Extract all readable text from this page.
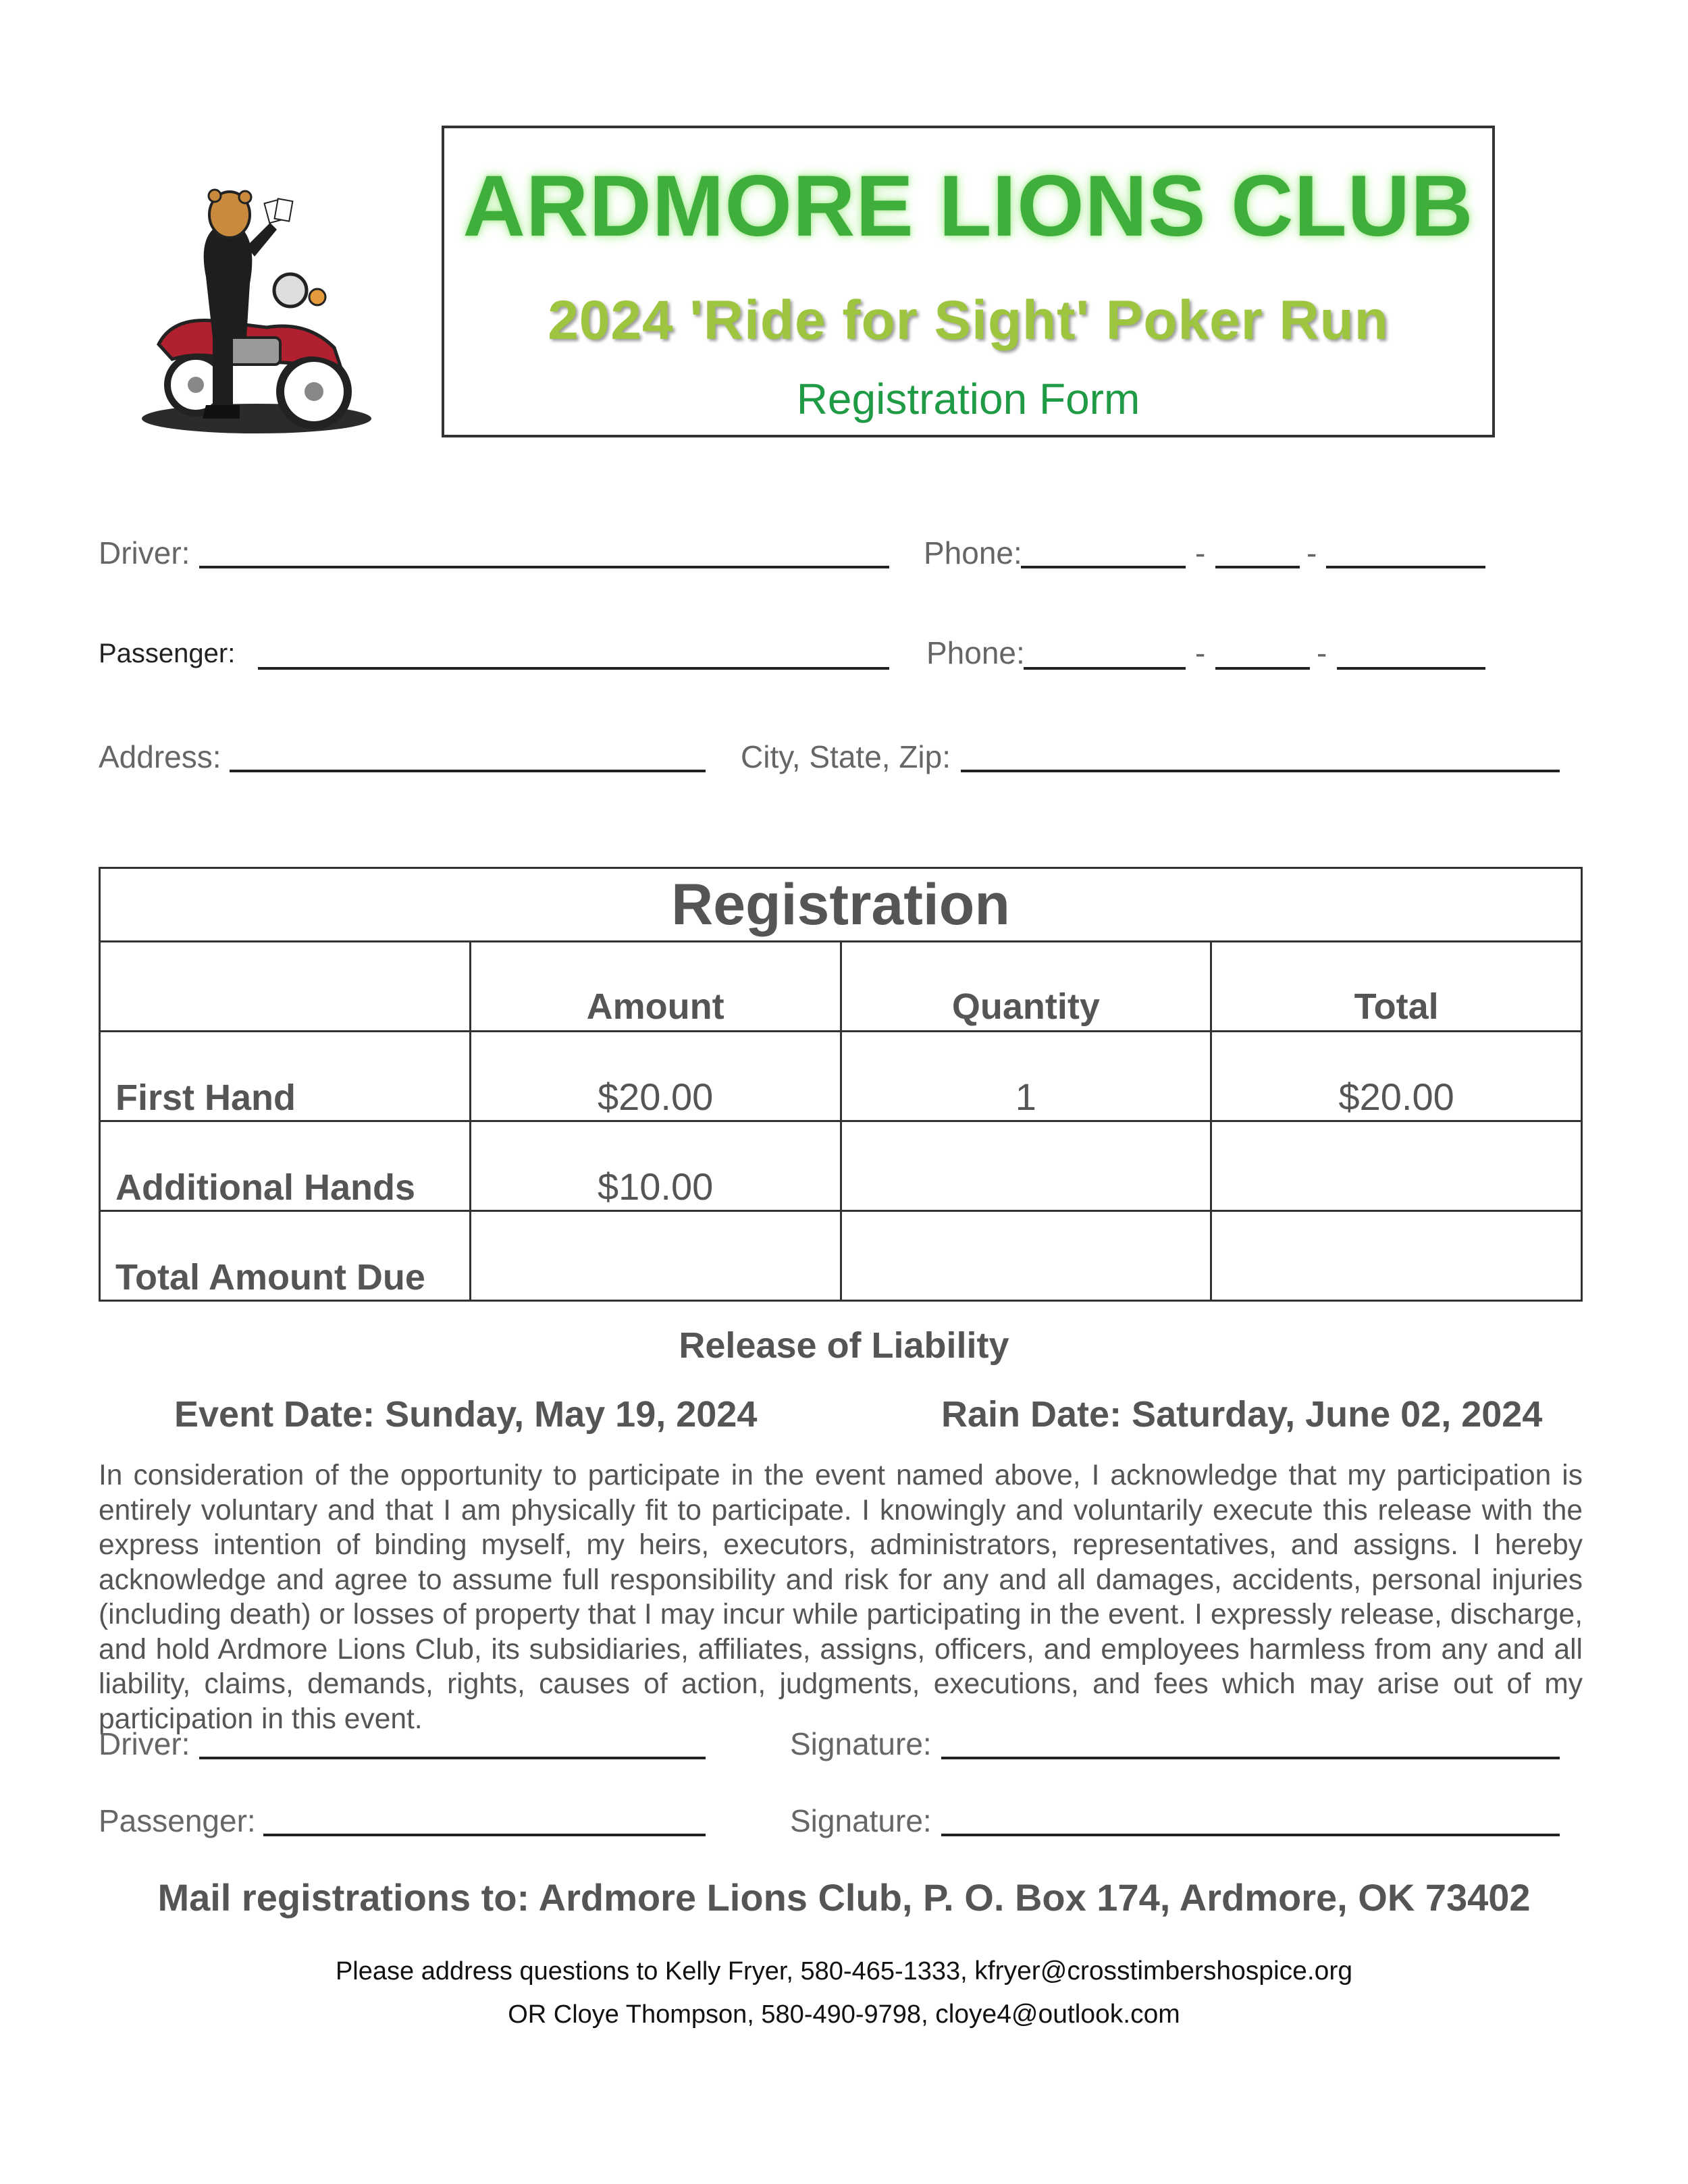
ARDMORE LIONS CLUB
2024 'Ride for Sight' Poker Run
Registration Form
Driver:	Phone:	-	-
Passenger:	Phone:	-	-
Address:	City, State, Zip:
Registration			
	Amount	Quantity	Total
First Hand	$20.00	1	$20.00
Additional Hands	$10.00		
Total Amount Due			
Release of Liability
Event Date: Sunday, May 19, 2024	Rain Date: Saturday, June 02, 2024
In consideration of the opportunity to participate in the event named above, I acknowledge that my participation is entirely voluntary and that I am physically fit to participate. I knowingly and voluntarily execute this release with the express intention of binding myself, my heirs, executors, administrators, representatives, and assigns. I hereby acknowledge and agree to assume full responsibility and risk for any and all damages, accidents, personal injuries (including death) or losses of property that I may incur while participating in the event. I expressly release, discharge, and hold Ardmore Lions Club, its subsidiaries, affiliates, assigns, officers, and employees harmless from any and all liability, claims, demands, rights, causes of action, judgments, executions, and fees which may arise out of my participation in this event.
Driver:	Signature:
Passenger:	Signature:
Mail registrations to: Ardmore Lions Club, P. O. Box 174, Ardmore, OK 73402
Please address questions to Kelly Fryer, 580-465-1333, kfryer@crosstimbershospice.org
OR Cloye Thompson, 580-490-9798, cloye4@outlook.com
